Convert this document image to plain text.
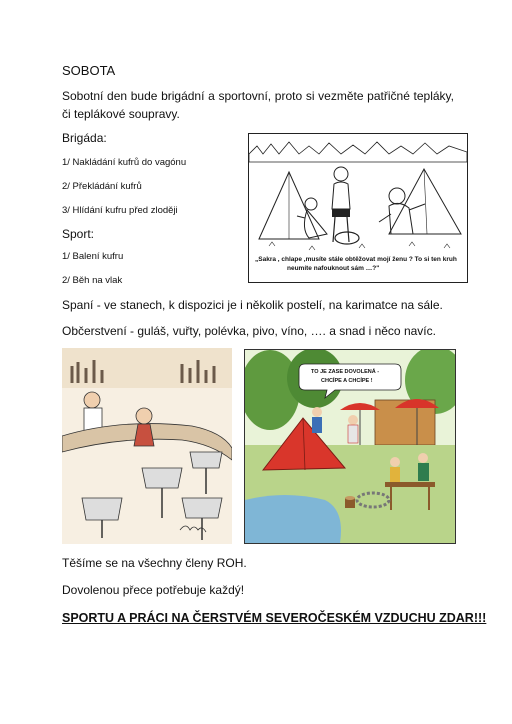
SOBOTA

Sobotní den bude brigádní a sportovní, proto si vezměte patřičné tepláky, či teplákové soupravy.

Brigáda:

1/ Nakládání kufrů do vagónu

2/ Překládání kufrů

3/ Hlídání kufru před zloději

Sport:

1/ Balení kufru

2/ Běh na vlak

Spaní - ve stanech, k dispozici je i několik postelí, na karimatce na sále.

Občerstvení - guláš, vuřty, polévka, pivo, víno, …. a snad i něco navíc.

„Sakra , chlape ,musíte stále obtěžovat mojí ženu ? To si ten kruh
neumíte nafouknout sám …?"
TO JE ZASE DOVOLENÁ -
CHCÍPE A CHCÍPE !

Těšíme se na všechny členy ROH.

Dovolenou přece potřebuje každý!

SPORTU A PRÁCI NA ČERSTVÉM SEVEROČESKÉM VZDUCHU ZDAR!!!
